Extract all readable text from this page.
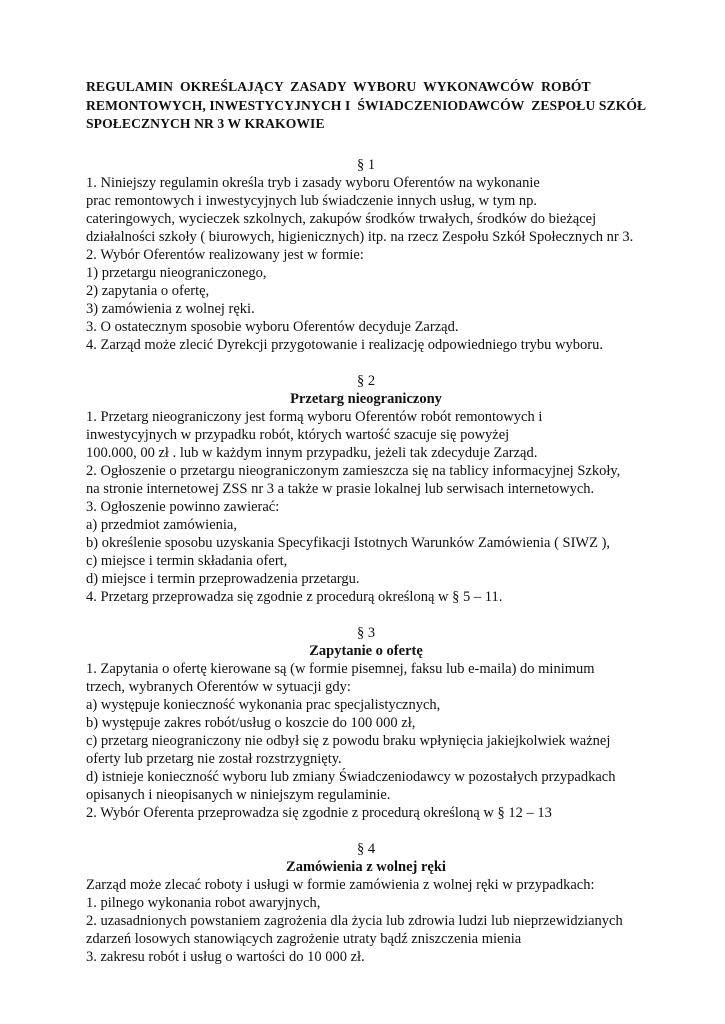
REGULAMIN  OKREŚLAJĄCY  ZASADY  WYBORU  WYKONAWCÓW  ROBÓT
REMONTOWYCH, INWESTYCYJNYCH I  ŚWIADCZENIODAWCÓW  ZESPOŁU SZKÓŁ
SPOŁECZNYCH NR 3 W KRAKOWIE
§ 1
1. Niniejszy regulamin określa tryb i zasady wyboru Oferentów na wykonanie
prac remontowych i inwestycyjnych lub świadczenie innych usług, w tym np.
cateringowych, wycieczek szkolnych, zakupów środków trwałych, środków do bieżącej
działalności szkoły ( biurowych, higienicznych) itp. na rzecz Zespołu Szkół Społecznych nr 3.
2. Wybór Oferentów realizowany jest w formie:
1) przetargu nieograniczonego,
2) zapytania o ofertę,
3) zamówienia z wolnej ręki.
3. O ostatecznym sposobie wyboru Oferentów decyduje Zarząd.
4. Zarząd może zlecić Dyrekcji przygotowanie i realizację odpowiedniego trybu wyboru.
§ 2
Przetarg nieograniczony
1. Przetarg nieograniczony jest formą wyboru Oferentów robót remontowych i
inwestycyjnych w przypadku robót, których wartość szacuje się powyżej
100.000, 00 zł . lub w każdym innym przypadku, jeżeli tak zdecyduje Zarząd.
2. Ogłoszenie o przetargu nieograniczonym zamieszcza się na tablicy informacyjnej Szkoły,
na stronie internetowej ZSS nr 3 a także w prasie lokalnej lub serwisach internetowych.
3. Ogłoszenie powinno zawierać:
a) przedmiot zamówienia,
b) określenie sposobu uzyskania Specyfikacji Istotnych Warunków Zamówienia ( SIWZ ),
c) miejsce i termin składania ofert,
d) miejsce i termin przeprowadzenia przetargu.
4. Przetarg przeprowadza się zgodnie z procedurą określoną w § 5 – 11.
§ 3
Zapytanie o ofertę
1. Zapytania o ofertę kierowane są (w formie pisemnej, faksu lub e-maila) do minimum
trzech, wybranych Oferentów w sytuacji gdy:
a) występuje konieczność wykonania prac specjalistycznych,
b) występuje zakres robót/usług o koszcie do 100 000 zł,
c) przetarg nieograniczony nie odbył się z powodu braku wpłynięcia jakiejkolwiek ważnej
oferty lub przetarg nie został rozstrzygnięty.
d) istnieje konieczność wyboru lub zmiany Świadczeniodawcy w pozostałych przypadkach
opisanych i nieopisanych w niniejszym regulaminie.
2. Wybór Oferenta przeprowadza się zgodnie z procedurą określoną w § 12 – 13
§ 4
Zamówienia z wolnej ręki
Zarząd może zlecać roboty i usługi w formie zamówienia z wolnej ręki w przypadkach:
1. pilnego wykonania robot awaryjnych,
2. uzasadnionych powstaniem zagrożenia dla życia lub zdrowia ludzi lub nieprzewidzianych
zdarzeń losowych stanowiących zagrożenie utraty bądź zniszczenia mienia
3. zakresu robót i usług o wartości do 10 000 zł.
